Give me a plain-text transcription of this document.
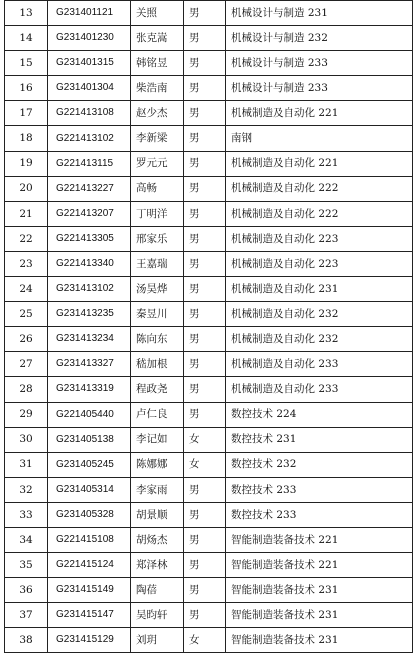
13	G231401121	关照	男	机械设计与制造 231
14	G231401230	张克嵩	男	机械设计与制造 232
15	G231401315	韩铭昱	男	机械设计与制造 233
16	G231401304	柴浩南	男	机械设计与制造 233
17	G221413108	赵少杰	男	机械制造及自动化 221
18	G221413102	李新梁	男	南钢
19	G221413115	罗元元	男	机械制造及自动化 221
20	G221413227	高畅	男	机械制造及自动化 222
21	G221413207	丁明洋	男	机械制造及自动化 222
22	G221413305	邢家乐	男	机械制造及自动化 223
23	G221413340	王嘉瑞	男	机械制造及自动化 223
24	G231413102	汤昊烨	男	机械制造及自动化 231
25	G231413235	秦昱川	男	机械制造及自动化 232
26	G231413234	陈向东	男	机械制造及自动化 232
27	G231413327	嵇加根	男	机械制造及自动化 233
28	G231413319	程政尧	男	机械制造及自动化 233
29	G221405440	卢仁良	男	数控技术 224
30	G231405138	李记如	女	数控技术 231
31	G231405245	陈娜娜	女	数控技术 232
32	G231405314	李家雨	男	数控技术 233
33	G231405328	胡景顺	男	数控技术 233
34	G221415108	胡炀杰	男	智能制造装备技术 221
35	G221415124	郑泽林	男	智能制造装备技术 221
36	G231415149	陶蓓	男	智能制造装备技术 231
37	G231415147	吴昀轩	男	智能制造装备技术 231
38	G231415129	刘玥	女	智能制造装备技术 231
